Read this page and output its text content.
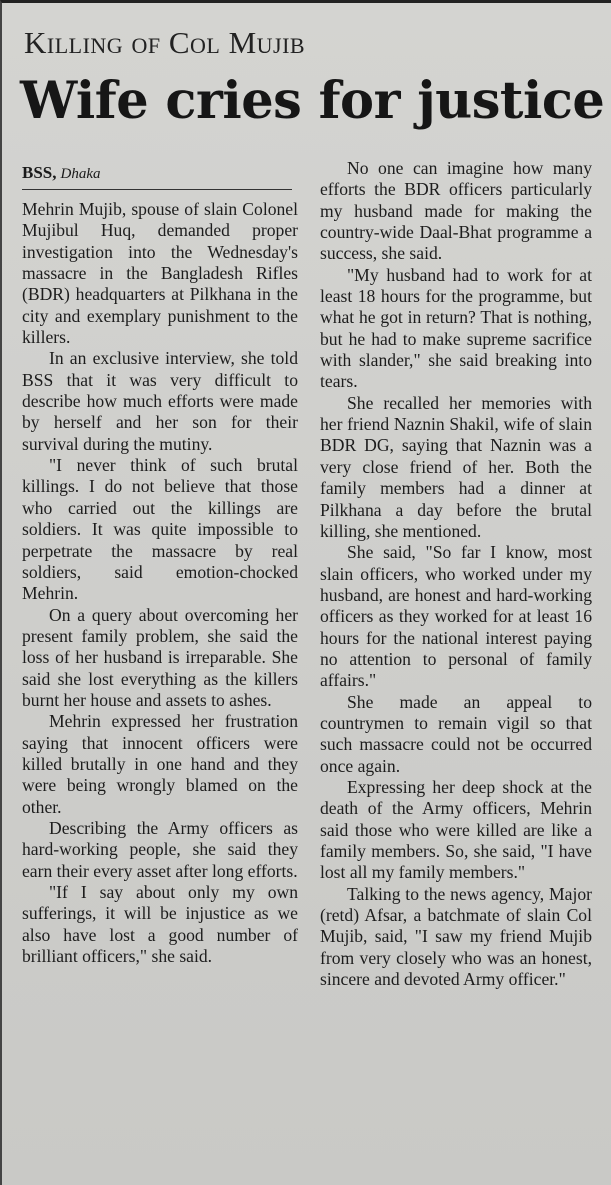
Killing of Col Mujib
Wife cries for justice
BSS, Dhaka

Mehrin Mujib, spouse of slain Colonel Mujibul Huq, demanded proper investigation into the Wednesday's massacre in the Bangladesh Rifles (BDR) headquarters at Pilkhana in the city and exemplary punishment to the killers.

In an exclusive interview, she told BSS that it was very difficult to describe how much efforts were made by herself and her son for their survival during the mutiny.

"I never think of such brutal killings. I do not believe that those who carried out the killings are soldiers. It was quite impossible to perpetrate the massacre by real soldiers, said emotion-chocked Mehrin.

On a query about overcoming her present family problem, she said the loss of her husband is irreparable. She said she lost everything as the killers burnt her house and assets to ashes.

Mehrin expressed her frustration saying that innocent officers were killed brutally in one hand and they were being wrongly blamed on the other.

Describing the Army officers as hard-working people, she said they earn their every asset after long efforts.

"If I say about only my own sufferings, it will be injustice as we also have lost a good number of brilliant officers," she said.

No one can imagine how many efforts the BDR officers particularly my husband made for making the country-wide Daal-Bhat programme a success, she said.

"My husband had to work for at least 18 hours for the programme, but what he got in return? That is nothing, but he had to make supreme sacrifice with slander," she said breaking into tears.

She recalled her memories with her friend Naznin Shakil, wife of slain BDR DG, saying that Naznin was a very close friend of her. Both the family members had a dinner at Pilkhana a day before the brutal killing, she mentioned.

She said, "So far I know, most slain officers, who worked under my husband, are honest and hard-working officers as they worked for at least 16 hours for the national interest paying no attention to personal of family affairs."

She made an appeal to countrymen to remain vigil so that such massacre could not be occurred once again.

Expressing her deep shock at the death of the Army officers, Mehrin said those who were killed are like a family members. So, she said, "I have lost all my family members."

Talking to the news agency, Major (retd) Afsar, a batchmate of slain Col Mujib, said, "I saw my friend Mujib from very closely who was an honest, sincere and devoted Army officer."
